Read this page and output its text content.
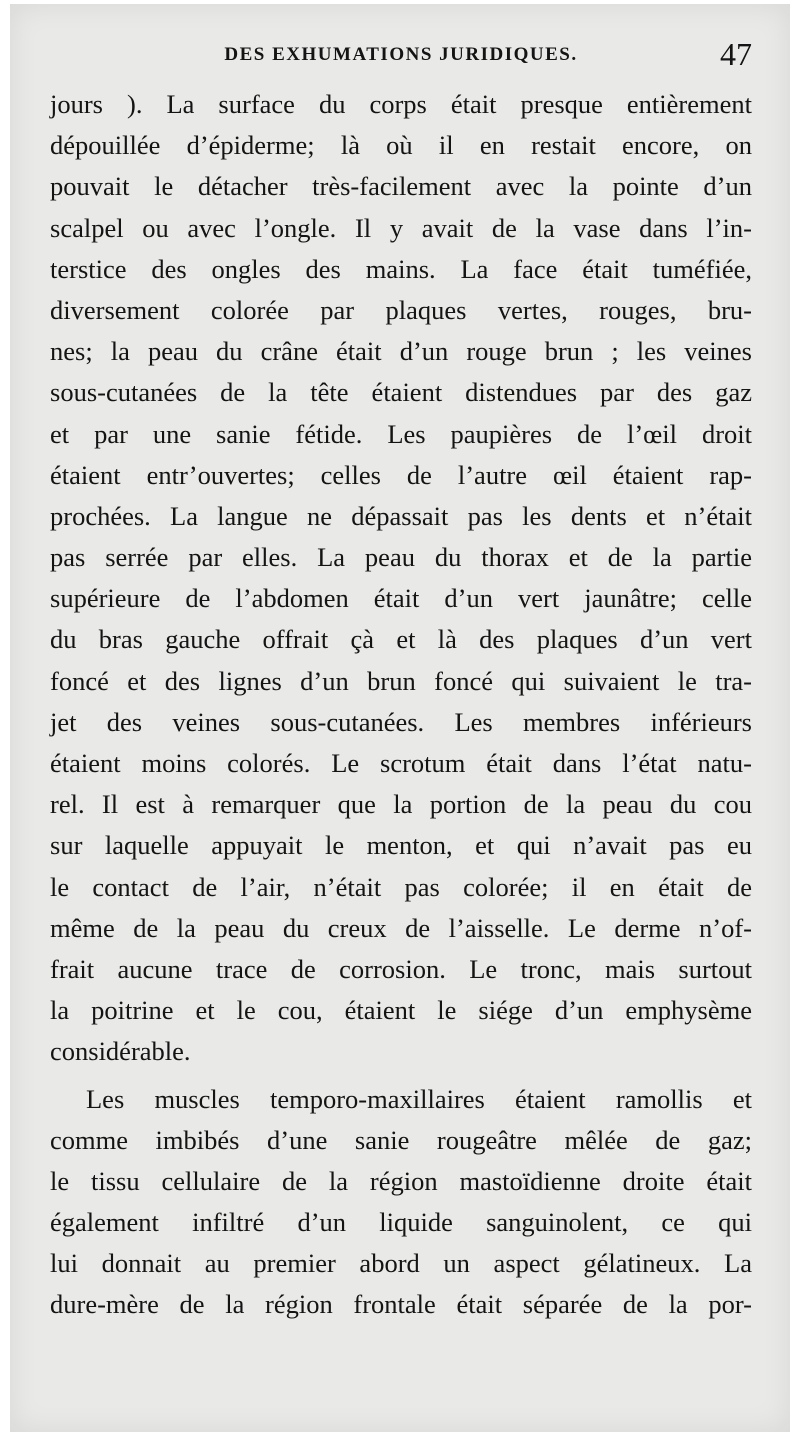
DES EXHUMATIONS JURIDIQUES.	47
jours ). La surface du corps était presque entièrement
dépouillée d’épiderme; là où il en restait encore, on
pouvait le détacher très-facilement avec la pointe d’un
scalpel ou avec l’ongle. Il y avait de la vase dans l’in-
terstice des ongles des mains. La face était tuméfiée,
diversement colorée par plaques vertes, rouges, bru-
nes; la peau du crâne était d’un rouge brun ; les veines
sous-cutanées de la tête étaient distendues par des gaz
et par une sanie fétide. Les paupières de l’œil droit
étaient entr’ouvertes; celles de l’autre œil étaient rap-
prochées. La langue ne dépassait pas les dents et n’était
pas serrée par elles. La peau du thorax et de la partie
supérieure de l’abdomen était d’un vert jaunâtre; celle
du bras gauche offrait çà et là des plaques d’un vert
foncé et des lignes d’un brun foncé qui suivaient le tra-
jet des veines sous-cutanées. Les membres inférieurs
étaient moins colorés. Le scrotum était dans l’état natu-
rel. Il est à remarquer que la portion de la peau du cou
sur laquelle appuyait le menton, et qui n’avait pas eu
le contact de l’air, n’était pas colorée; il en était de
même de la peau du creux de l’aisselle. Le derme n’of-
frait aucune trace de corrosion. Le tronc, mais surtout
la poitrine et le cou, étaient le siége d’un emphysème
considérable.
Les muscles temporo-maxillaires étaient ramollis et
comme imbibés d’une sanie rougeâtre mêlée de gaz;
le tissu cellulaire de la région mastoïdienne droite était
également infiltré d’un liquide sanguinolent, ce qui
lui donnait au premier abord un aspect gélatineux. La
dure-mère de la région frontale était séparée de la por-
